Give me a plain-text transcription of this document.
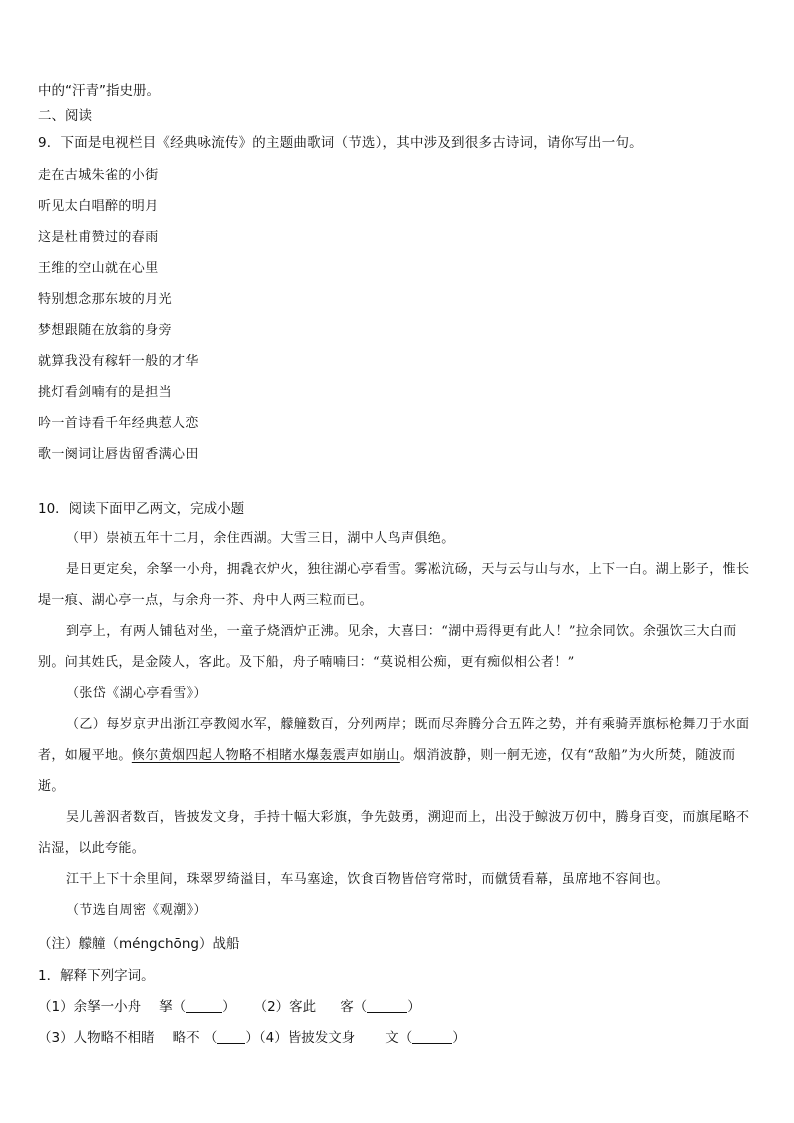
中的“汗青”指史册。
二、阅读
9．下面是电视栏目《经典咏流传》的主题曲歌词（节选），其中涉及到很多古诗词，请你写出一句。
走在古城朱雀的小街
听见太白唱醉的明月
这是杜甫赞过的春雨
王维的空山就在心里
特别想念那东坡的月光
梦想跟随在放翁的身旁
就算我没有稼轩一般的才华
挑灯看剑喃有的是担当
吟一首诗看千年经典惹人恋
歌一阕词让唇齿留香满心田
10．阅读下面甲乙两文，完成小题
（甲）崇祯五年十二月，余住西湖。大雪三日，湖中人鸟声俱绝。
是日更定矣，余拏一小舟，拥毳衣炉火，独往湖心亭看雪。雾凇沆砀，天与云与山与水，上下一白。湖上影子，惟长堤一痕、湖心亭一点，与余舟一芥、舟中人两三粒而已。
到亭上，有两人铺毡对坐，一童子烧酒炉正沸。见余，大喜曰：“湖中焉得更有此人！”拉余同饮。余强饮三大白而别。问其姓氏，是金陵人，客此。及下船，舟子喃喃曰：“莫说相公痴，更有痴似相公者！”
（张岱《湖心亭看雪》）
（乙）每岁京尹出浙江亭教阅水军，艨艟数百，分列两岸；既而尽奔腾分合五阵之势，并有乘骑弄旗标枪舞刀于水面者，如履平地。倏尔黄烟四起人物略不相睹水爆轰震声如崩山。烟消波静，则一舸无迹，仅有“敌船”为火所焚，随波而逝。
吴儿善泅者数百，皆披发文身，手持十幅大彩旗，争先鼓勇，溯迎而上，出没于鲸波万仞中，腾身百变，而旗尾略不沾湿，以此夸能。
江干上下十余里间，珠翠罗绮溢目，车马塞途，饮食百物皆倍穹常时，而僦赁看幕，虽席地不容间也。
（节选自周密《观潮》）
（注）艨艟（méngchōng）战船
1．解释下列字词。
（1）余拏一小舟 拏（	） （2）客此 客（	）
（3）人物略不相睹 略不 （ ）（4）皆披发文身 文（	）
